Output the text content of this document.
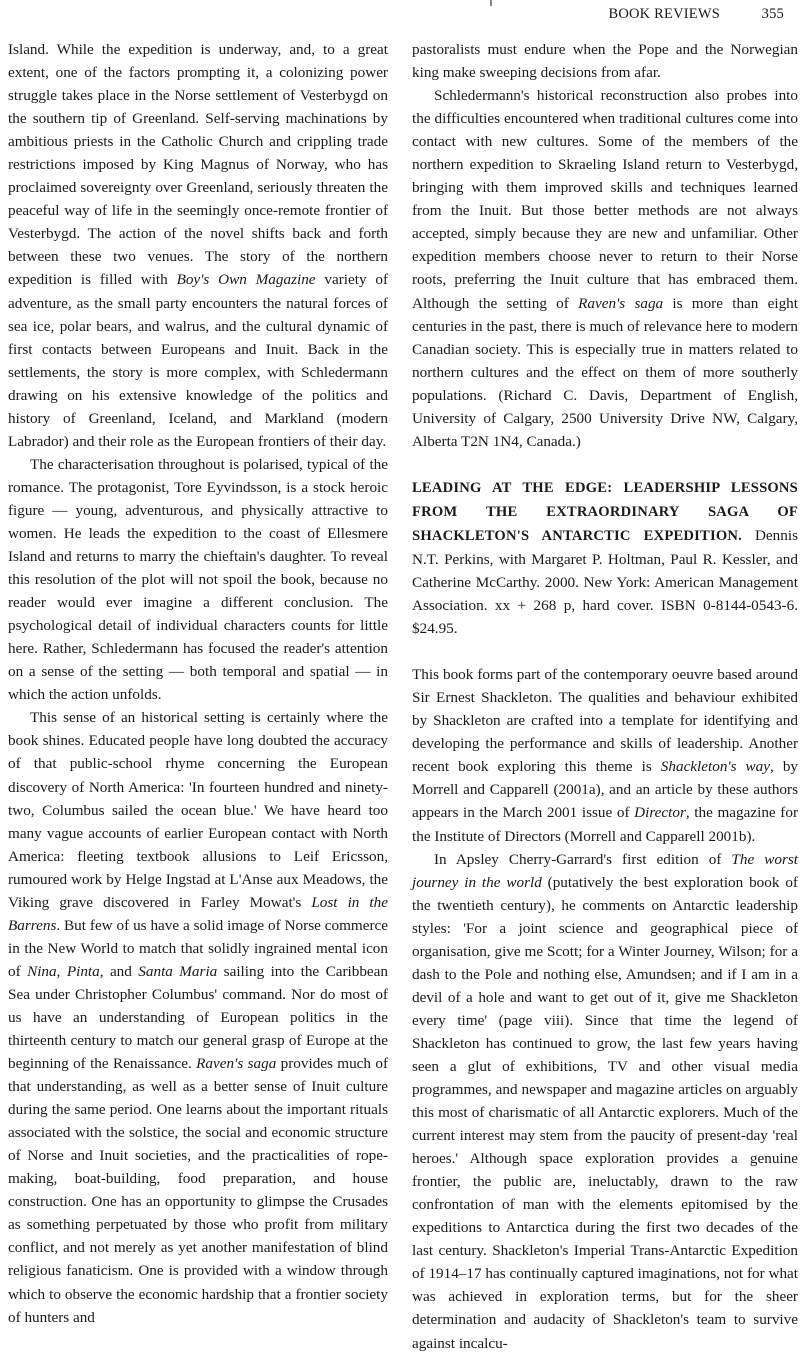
BOOK REVIEWS	355

Island. While the expedition is underway, and, to a great extent, one of the factors prompting it, a colonizing power struggle takes place in the Norse settlement of Vesterbygd on the southern tip of Greenland. Self-serving machinations by ambitious priests in the Catholic Church and crippling trade restrictions imposed by King Magnus of Norway, who has proclaimed sovereignty over Greenland, seriously threaten the peaceful way of life in the seemingly once-remote frontier of Vesterbygd. The action of the novel shifts back and forth between these two venues. The story of the northern expedition is filled with Boy's Own Magazine variety of adventure, as the small party encounters the natural forces of sea ice, polar bears, and walrus, and the cultural dynamic of first contacts between Europeans and Inuit. Back in the settlements, the story is more complex, with Schledermann drawing on his extensive knowledge of the politics and history of Greenland, Iceland, and Markland (modern Labrador) and their role as the European frontiers of their day.

The characterisation throughout is polarised, typical of the romance. The protagonist, Tore Eyvindsson, is a stock heroic figure — young, adventurous, and physically attractive to women. He leads the expedition to the coast of Ellesmere Island and returns to marry the chieftain's daughter. To reveal this resolution of the plot will not spoil the book, because no reader would ever imagine a different conclusion. The psychological detail of individual characters counts for little here. Rather, Schledermann has focused the reader's attention on a sense of the setting — both temporal and spatial — in which the action unfolds.

This sense of an historical setting is certainly where the book shines. Educated people have long doubted the accuracy of that public-school rhyme concerning the European discovery of North America: 'In fourteen hundred and ninety-two, Columbus sailed the ocean blue.' We have heard too many vague accounts of earlier European contact with North America: fleeting textbook allusions to Leif Ericsson, rumoured work by Helge Ingstad at L'Anse aux Meadows, the Viking grave discovered in Farley Mowat's Lost in the Barrens. But few of us have a solid image of Norse commerce in the New World to match that solidly ingrained mental icon of Nina, Pinta, and Santa Maria sailing into the Caribbean Sea under Christopher Columbus' command. Nor do most of us have an understanding of European politics in the thirteenth century to match our general grasp of Europe at the beginning of the Renaissance. Raven's saga provides much of that understanding, as well as a better sense of Inuit culture during the same period. One learns about the important rituals associated with the solstice, the social and economic structure of Norse and Inuit societies, and the practicalities of rope-making, boat-building, food preparation, and house construction. One has an opportunity to glimpse the Crusades as something perpetuated by those who profit from military conflict, and not merely as yet another manifestation of blind religious fanaticism. One is provided with a window through which to observe the economic hardship that a frontier society of hunters and

pastoralists must endure when the Pope and the Norwegian king make sweeping decisions from afar.

Schledermann's historical reconstruction also probes into the difficulties encountered when traditional cultures come into contact with new cultures. Some of the members of the northern expedition to Skraeling Island return to Vesterbygd, bringing with them improved skills and techniques learned from the Inuit. But those better methods are not always accepted, simply because they are new and unfamiliar. Other expedition members choose never to return to their Norse roots, preferring the Inuit culture that has embraced them. Although the setting of Raven's saga is more than eight centuries in the past, there is much of relevance here to modern Canadian society. This is especially true in matters related to northern cultures and the effect on them of more southerly populations. (Richard C. Davis, Department of English, University of Calgary, 2500 University Drive NW, Calgary, Alberta T2N 1N4, Canada.)

LEADING AT THE EDGE: LEADERSHIP LESSONS FROM THE EXTRAORDINARY SAGA OF SHACKLETON'S ANTARCTIC EXPEDITION. Dennis N.T. Perkins, with Margaret P. Holtman, Paul R. Kessler, and Catherine McCarthy. 2000. New York: American Management Association. xx + 268 p, hard cover. ISBN 0-8144-0543-6. $24.95.

This book forms part of the contemporary oeuvre based around Sir Ernest Shackleton. The qualities and behaviour exhibited by Shackleton are crafted into a template for identifying and developing the performance and skills of leadership. Another recent book exploring this theme is Shackleton's way, by Morrell and Capparell (2001a), and an article by these authors appears in the March 2001 issue of Director, the magazine for the Institute of Directors (Morrell and Capparell 2001b).

In Apsley Cherry-Garrard's first edition of The worst journey in the world (putatively the best exploration book of the twentieth century), he comments on Antarctic leadership styles: 'For a joint science and geographical piece of organisation, give me Scott; for a Winter Journey, Wilson; for a dash to the Pole and nothing else, Amundsen; and if I am in a devil of a hole and want to get out of it, give me Shackleton every time' (page viii). Since that time the legend of Shackleton has continued to grow, the last few years having seen a glut of exhibitions, TV and other visual media programmes, and newspaper and magazine articles on arguably this most of charismatic of all Antarctic explorers. Much of the current interest may stem from the paucity of present-day 'real heroes.' Although space exploration provides a genuine frontier, the public are, ineluctably, drawn to the raw confrontation of man with the elements epitomised by the expeditions to Antarctica during the first two decades of the last century. Shackleton's Imperial Trans-Antarctic Expedition of 1914–17 has continually captured imaginations, not for what was achieved in exploration terms, but for the sheer determination and audacity of Shackleton's team to survive against incalcu-
